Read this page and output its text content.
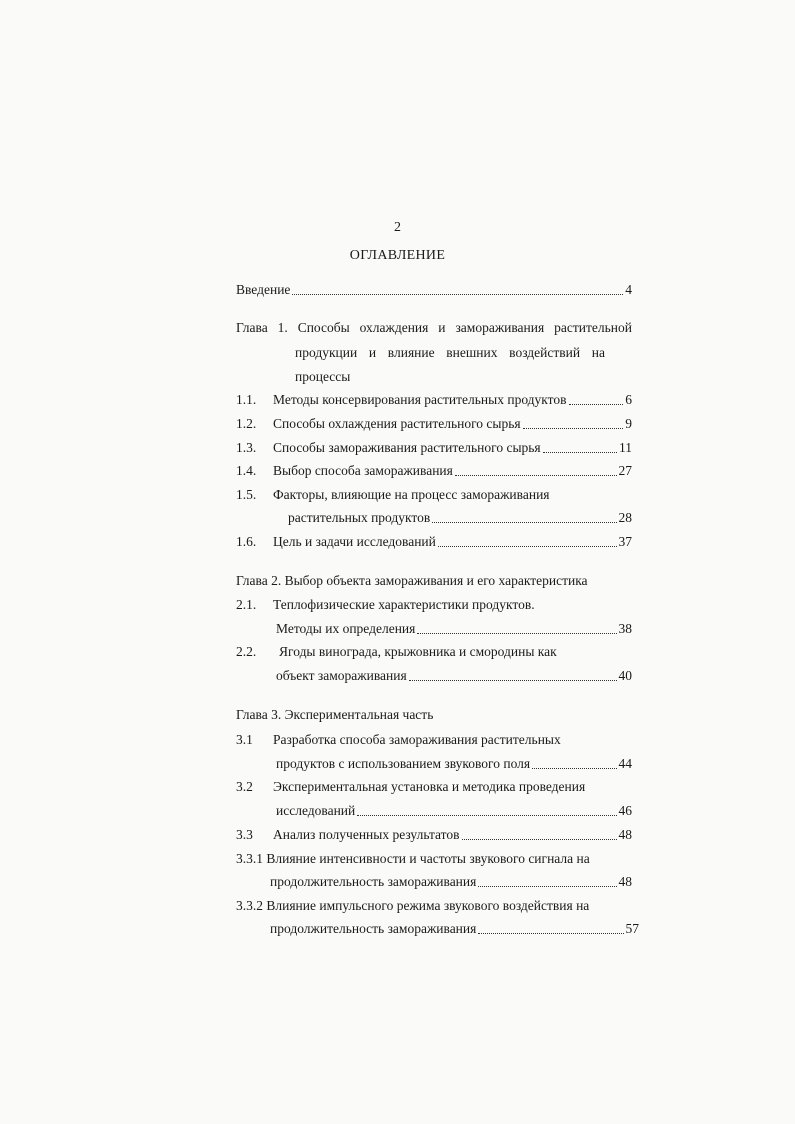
2
ОГЛАВЛЕНИЕ
Введение	4
Глава 1. Способы охлаждения и замораживания растительной
продукции и влияние внешних воздействий на
процессы
1.1.	Методы консервирования растительных продуктов	6
1.2.	Способы охлаждения растительного сырья	9
1.3.	Способы замораживания растительного сырья	11
1.4.	Выбор способа замораживания	27
1.5. Факторы, влияющие на процесс замораживания
растительных продуктов	28
1.6.	Цель и задачи исследований	37
Глава 2. Выбор объекта замораживания и его характеристика
2.1. Теплофизические характеристики продуктов.
Методы их определения	38
2.2. Ягоды винограда, крыжовника и смородины как
объект замораживания	40
Глава 3. Экспериментальная часть
3.1 Разработка способа замораживания растительных
продуктов с использованием звукового поля	44
3.2 Экспериментальная установка и методика проведения
исследований	46
3.3	Анализ полученных результатов	48
3.3.1 Влияние интенсивности и частоты звукового сигнала на
продолжительность замораживания	48
3.3.2 Влияние импульсного режима звукового воздействия на
продолжительность замораживания	57
